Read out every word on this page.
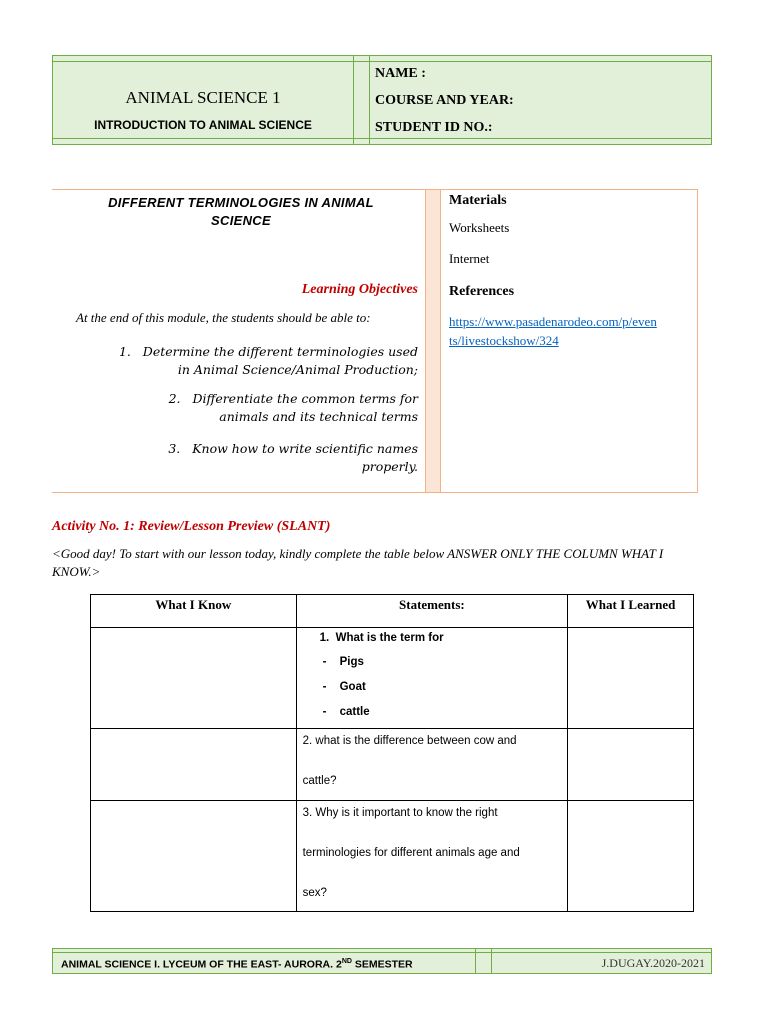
ANIMAL SCIENCE 1
INTRODUCTION TO ANIMAL SCIENCE
NAME :
COURSE AND YEAR:
STUDENT ID NO.:
DIFFERENT TERMINOLOGIES IN ANIMAL
SCIENCE
Learning Objectives
At the end of this module, the students should be able to:
1. Determine the different terminologies used
in Animal Science/Animal Production;
2. Differentiate the common terms for
animals and its technical terms
3. Know how to write scientific names
properly.
Materials
Worksheets
Internet
References
https://www.pasadenarodeo.com/p/even
ts/livestockshow/324
Activity No. 1: Review/Lesson Preview (SLANT)
<Good day! To start with our lesson today, kindly complete the table below ANSWER ONLY THE COLUMN WHAT I
KNOW.>
What I Know	Statements:	What I Learned

	1. What is the term for
- Pigs
- Goat
- cattle	

	2. what is the difference between cow and
cattle?	

	3. Why is it important to know the right
terminologies for different animals age and
sex?	

ANIMAL SCIENCE I. LYCEUM OF THE EAST- AURORA. 2ND SEMESTER	J.DUGAY.2020-2021
